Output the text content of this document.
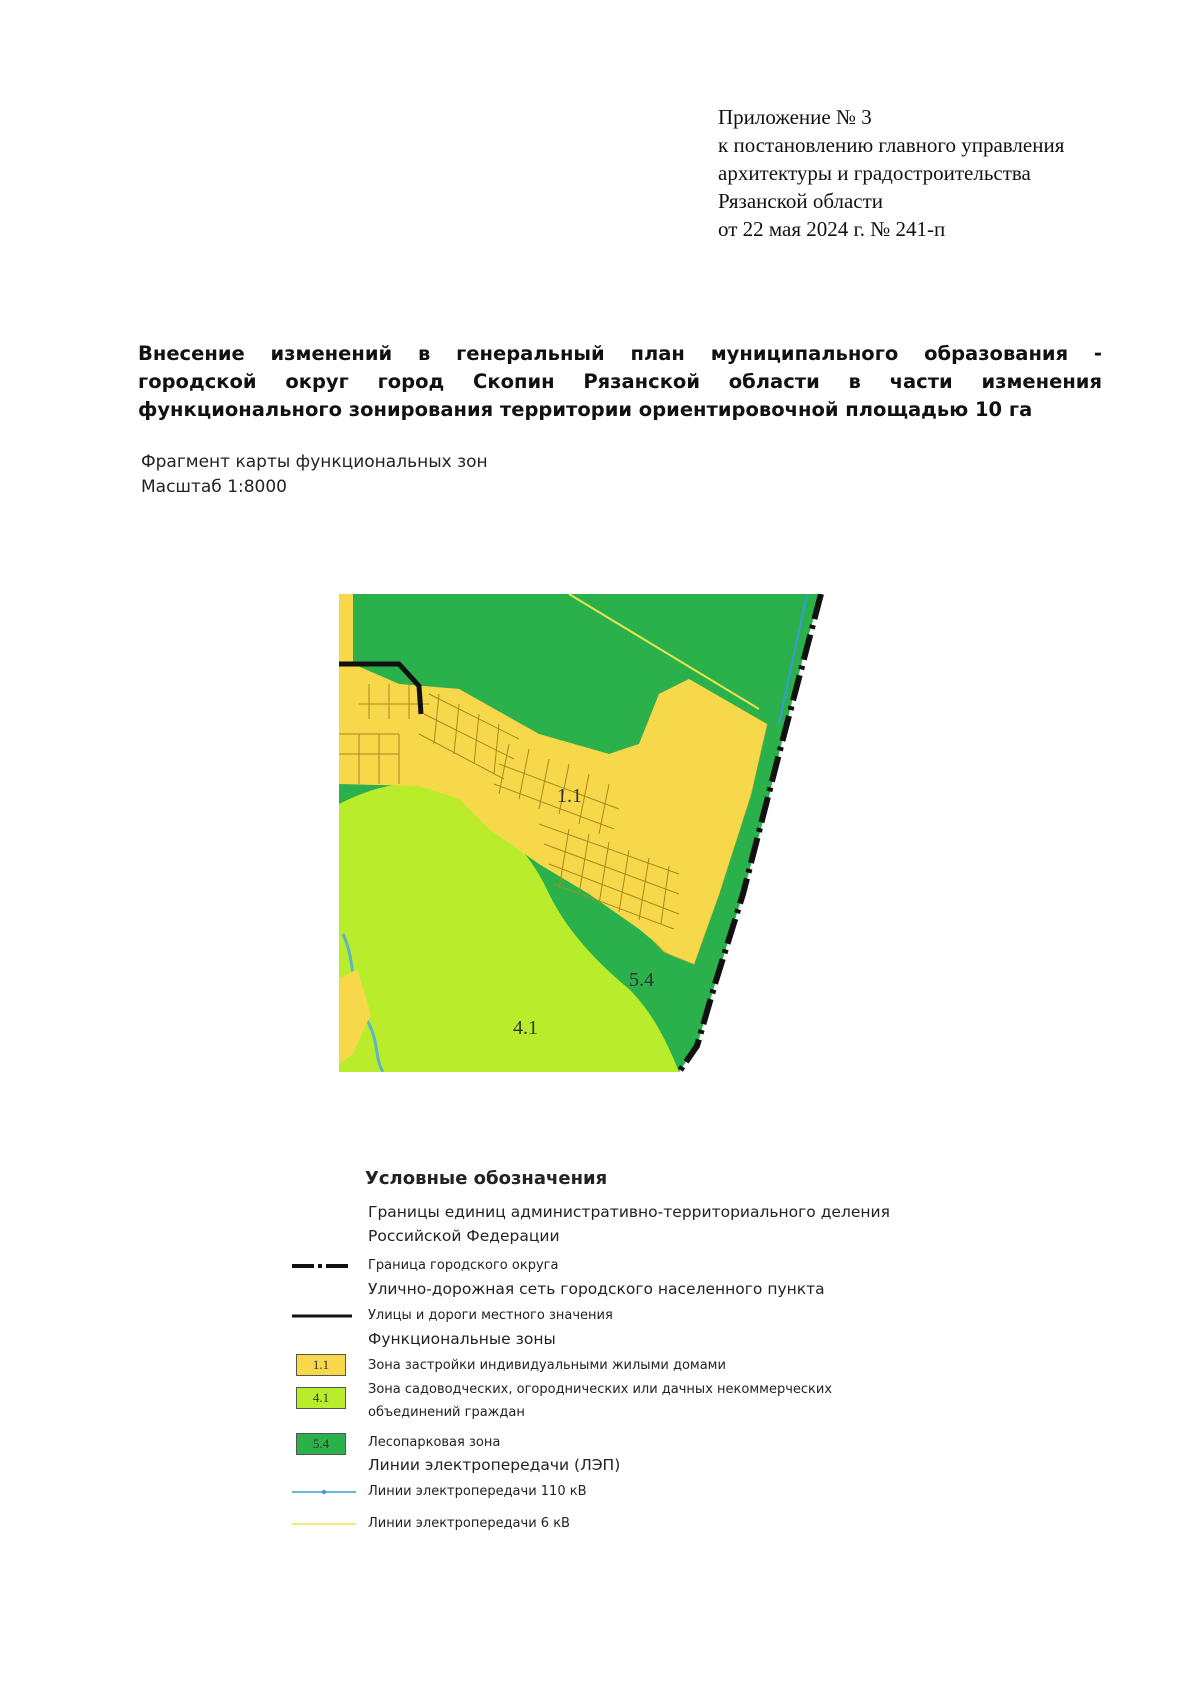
Приложение № 3
к постановлению главного управления
архитектуры и градостроительства
Рязанской области
от 22 мая 2024 г. № 241-п
Внесение изменений в генеральный план муниципального образования -
городской округ город Скопин Рязанской области в части изменения
функционального зонирования территории ориентировочной площадью 10 га
Фрагмент карты функциональных зон
Масштаб 1:8000
1.1
5.4
4.1
Условные обозначения
Границы единиц административно-территориального деления
Российской Федерации
Граница городского округа
Улично-дорожная сеть городского населенного пункта
Улицы и дороги местного значения
Функциональные зоны
1.1	Зона застройки индивидуальными жилыми домами
4.1
Зона садоводческих, огороднических или дачных некоммерческих
объединений граждан
5.4	Лесопарковая зона
Линии электропередачи (ЛЭП)
Линии электропередачи 110 кВ
Линии электропередачи 6 кВ
